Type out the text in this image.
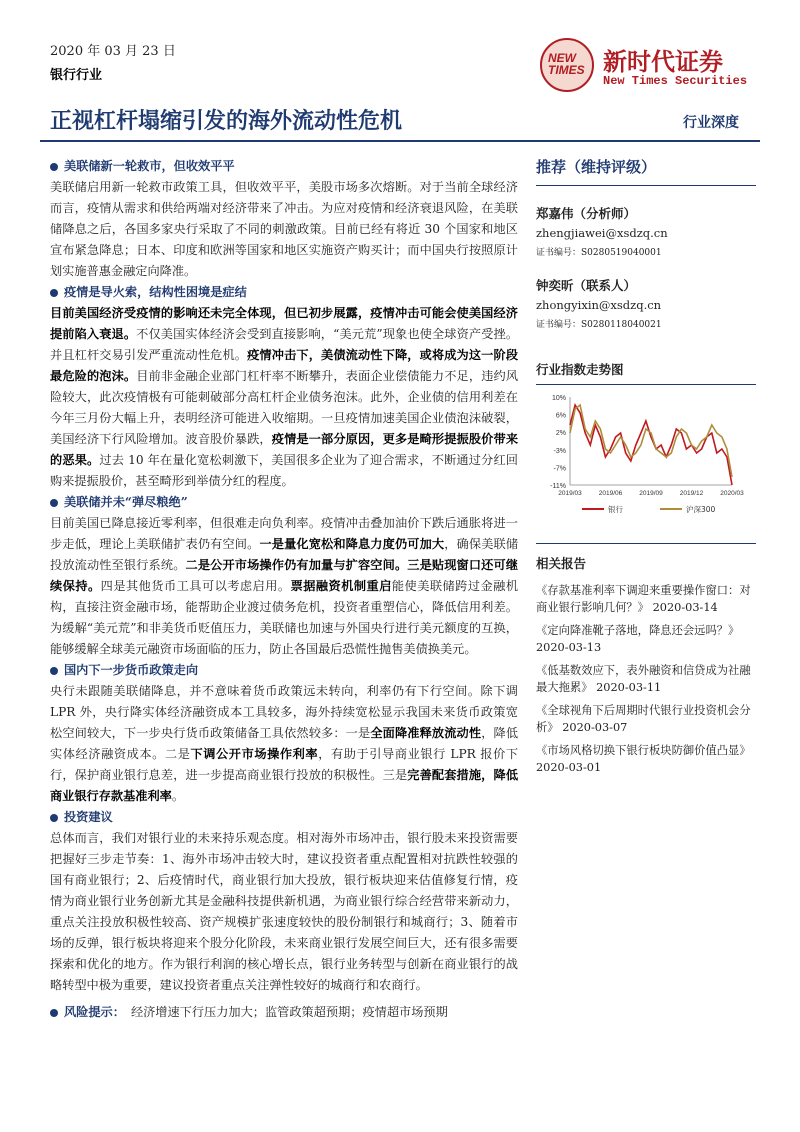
2020 年 03 月 23 日
银行行业
NEW
TIMES 新时代证券
New Times Securities
正视杠杆塌缩引发的海外流动性危机	行业深度
美联储新一轮救市，但收效平平
美联储启用新一轮救市政策工具，但收效平平，美股市场多次熔断。对于当前全球经济而言，疫情从需求和供给两端对经济带来了冲击。为应对疫情和经济衰退风险，在美联储降息之后，各国多家央行采取了不同的刺激政策。目前已经有将近 30 个国家和地区宣布紧急降息；日本、印度和欧洲等国家和地区实施资产购买计；而中国央行按照原计划实施普惠金融定向降准。
疫情是导火索，结构性困境是症结
目前美国经济受疫情的影响还未完全体现，但已初步展露，疫情冲击可能会使美国经济提前陷入衰退。不仅美国实体经济会受到直接影响，“美元荒”现象也使全球资产受挫。并且杠杆交易引发严重流动性危机。疫情冲击下，美债流动性下降，或将成为这一阶段最危险的泡沫。目前非金融企业部门杠杆率不断攀升，表面企业偿债能力不足，违约风险较大，此次疫情极有可能刺破部分高杠杆企业债务泡沫。此外，企业债的信用利差在今年三月份大幅上升，表明经济可能进入收缩期。一旦疫情加速美国企业债泡沫破裂，美国经济下行风险增加。波音股价暴跌，疫情是一部分原因，更多是畸形提振股价带来的恶果。过去 10 年在量化宽松刺激下，美国很多企业为了迎合需求，不断通过分红回购来提振股价，甚至畸形到举债分红的程度。
美联储并未“弹尽粮绝”
目前美国已降息接近零利率，但很难走向负利率。疫情冲击叠加油价下跌后通胀将进一步走低，理论上美联储扩表仍有空间。一是量化宽松和降息力度仍可加大，确保美联储投放流动性至银行系统。二是公开市场操作仍有加量与扩容空间。三是贴现窗口还可继续保持。四是其他货币工具可以考虑启用。票据融资机制重启能使美联储跨过金融机构，直接注资金融市场，能帮助企业渡过债务危机，投资者重塑信心，降低信用利差。为缓解“美元荒”和非美货币贬值压力，美联储也加速与外国央行进行美元额度的互换，能够缓解全球美元融资市场面临的压力，防止各国最后恐慌性抛售美债换美元。
国内下一步货币政策走向
央行未跟随美联储降息，并不意味着货币政策远未转向，利率仍有下行空间。除下调 LPR 外，央行降实体经济融资成本工具较多，海外持续宽松显示我国未来货币政策宽松空间较大，下一步央行货币政策储备工具依然较多：一是全面降准释放流动性，降低实体经济融资成本。二是下调公开市场操作利率，有助于引导商业银行 LPR 报价下行，保护商业银行息差，进一步提高商业银行投放的积极性。三是完善配套措施，降低商业银行存款基准利率。
投资建议
总体而言，我们对银行业的未来持乐观态度。相对海外市场冲击，银行股未来投资需要把握好三步走节奏：1、海外市场冲击较大时，建议投资者重点配置相对抗跌性较强的国有商业银行；2、后疫情时代，商业银行加大投放，银行板块迎来估值修复行情，疫情为商业银行业务创新尤其是金融科技提供新机遇，为商业银行综合经营带来新动力，重点关注投放积极性较高、资产规模扩张速度较快的股份制银行和城商行；3、随着市场的反弹，银行板块将迎来个股分化阶段，未来商业银行发展空间巨大，还有很多需要探索和优化的地方。作为银行利润的核心增长点，银行业务转型与创新在商业银行的战略转型中极为重要，建议投资者重点关注弹性较好的城商行和农商行。
风险提示： 经济增速下行压力加大；监管政策超预期；疫情超市场预期
推荐（维持评级）
郑嘉伟（分析师）
zhengjiawei@xsdzq.cn
证书编号：S0280519040001
钟奕昕（联系人）
zhongyixin@xsdzq.cn
证书编号：S0280118040021
行业指数走势图
10%
6%
2%
-3%
-7%
-11%
2019/03	2019/06	2019/09	2019/12	2020/03
银行	沪深300
相关报告
《存款基准利率下调迎来重要操作窗口：对商业银行影响几何？》 2020-03-14
《定向降准靴子落地，降息还会远吗？》 2020-03-13
《低基数效应下，表外融资和信贷成为社融最大拖累》 2020-03-11
《全球视角下后周期时代银行业投资机会分析》 2020-03-07
《市场风格切换下银行板块防御价值凸显》 2020-03-01
